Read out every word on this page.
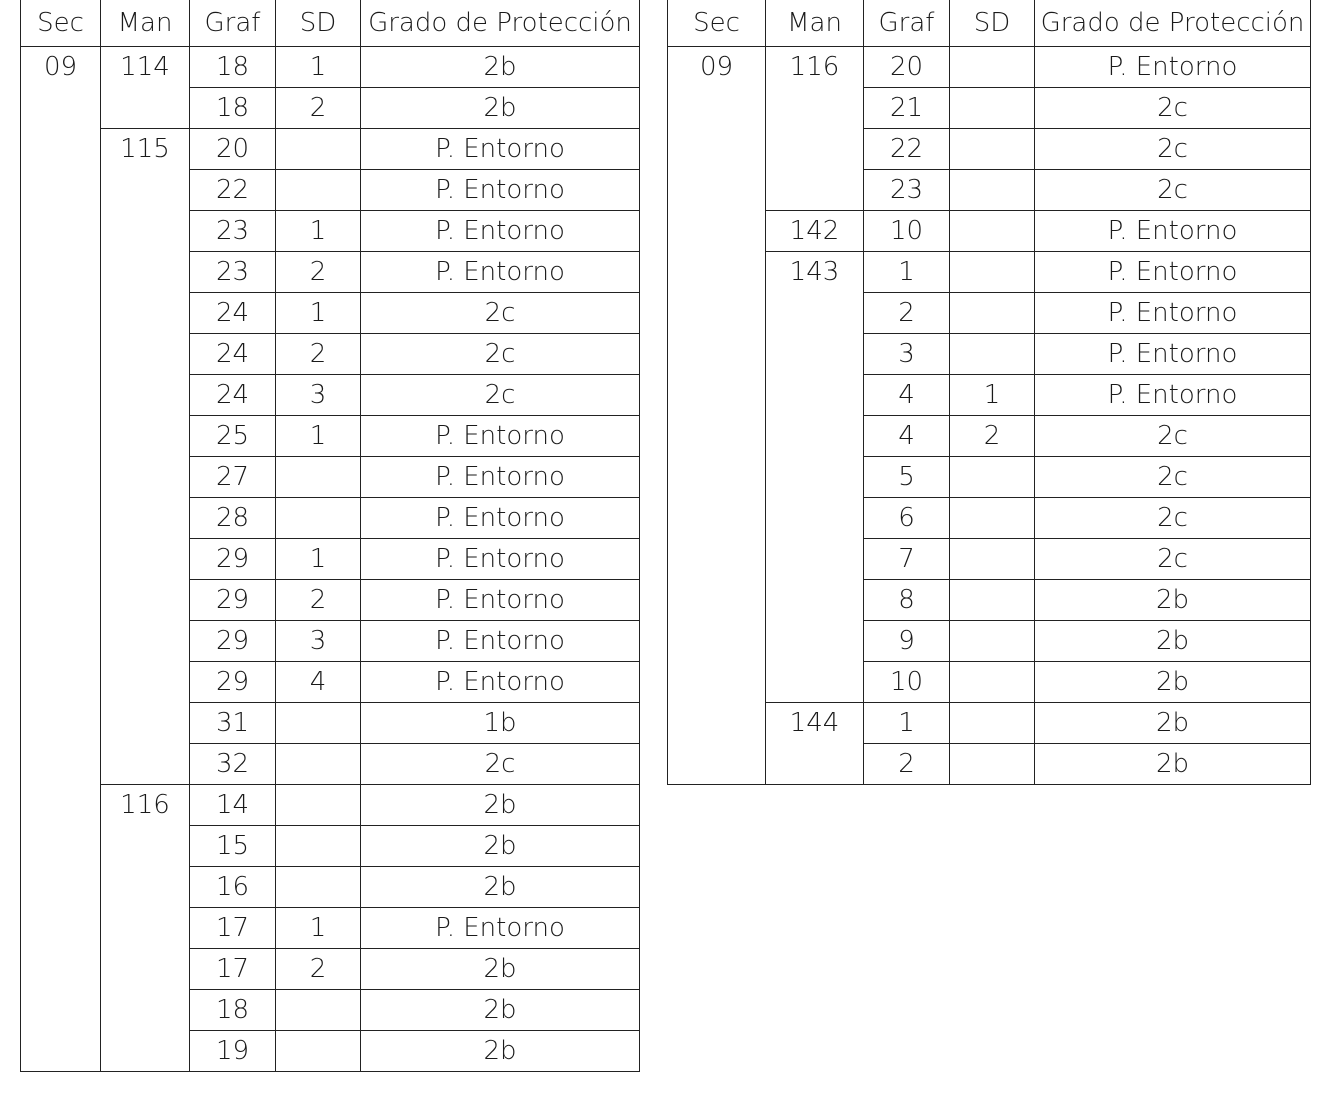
Sec	Man	Graf	SD	Grado de Protección
09	114	18	1	2b
		18	2	2b
	115	20		P. Entorno
		22		P. Entorno
		23	1	P. Entorno
		23	2	P. Entorno
		24	1	2c
		24	2	2c
		24	3	2c
		25	1	P. Entorno
		27		P. Entorno
		28		P. Entorno
		29	1	P. Entorno
		29	2	P. Entorno
		29	3	P. Entorno
		29	4	P. Entorno
		31		1b
		32		2c
	116	14		2b
		15		2b
		16		2b
		17	1	P. Entorno
		17	2	2b
		18		2b
		19		2b
Sec	Man	Graf	SD	Grado de Protección
09	116	20		P. Entorno
		21		2c
		22		2c
		23		2c
	142	10		P. Entorno
	143	1		P. Entorno
		2		P. Entorno
		3		P. Entorno
		4	1	P. Entorno
		4	2	2c
		5		2c
		6		2c
		7		2c
		8		2b
		9		2b
		10		2b
	144	1		2b
		2		2b
